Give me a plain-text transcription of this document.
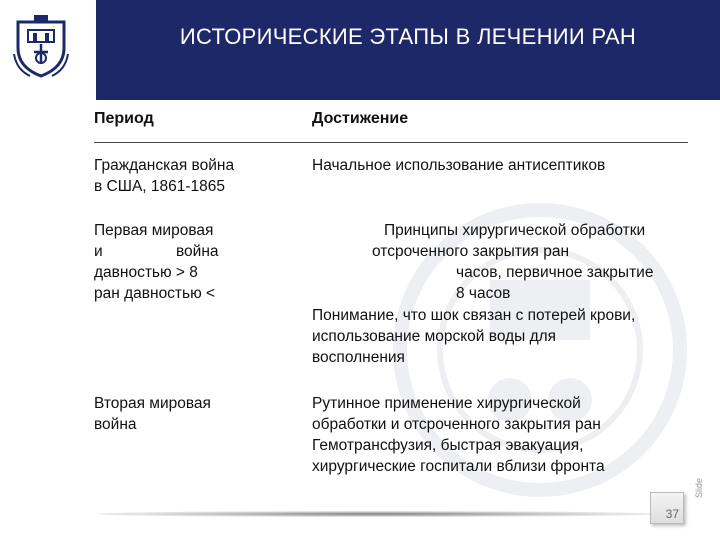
ИСТОРИЧЕСКИЕ ЭТАПЫ В ЛЕЧЕНИИ РАН
Период	Достижение
Гражданская война
в США, 1861-1865
Начальное использование антисептиков
Первая мировая
и	война
давностью > 8
ран давностью <
Принципы хирургической обработки
отсроченного закрытия ран
часов, первичное закрытие
8 часов
Понимание, что шок связан с потерей крови,
использование морской воды для
восполнения
Вторая мировая
война
Рутинное применение хирургической
обработки и отсроченного закрытия ран
Гемотрансфузия, быстрая эвакуация,
хирургические госпитали вблизи фронта
37
Slide
